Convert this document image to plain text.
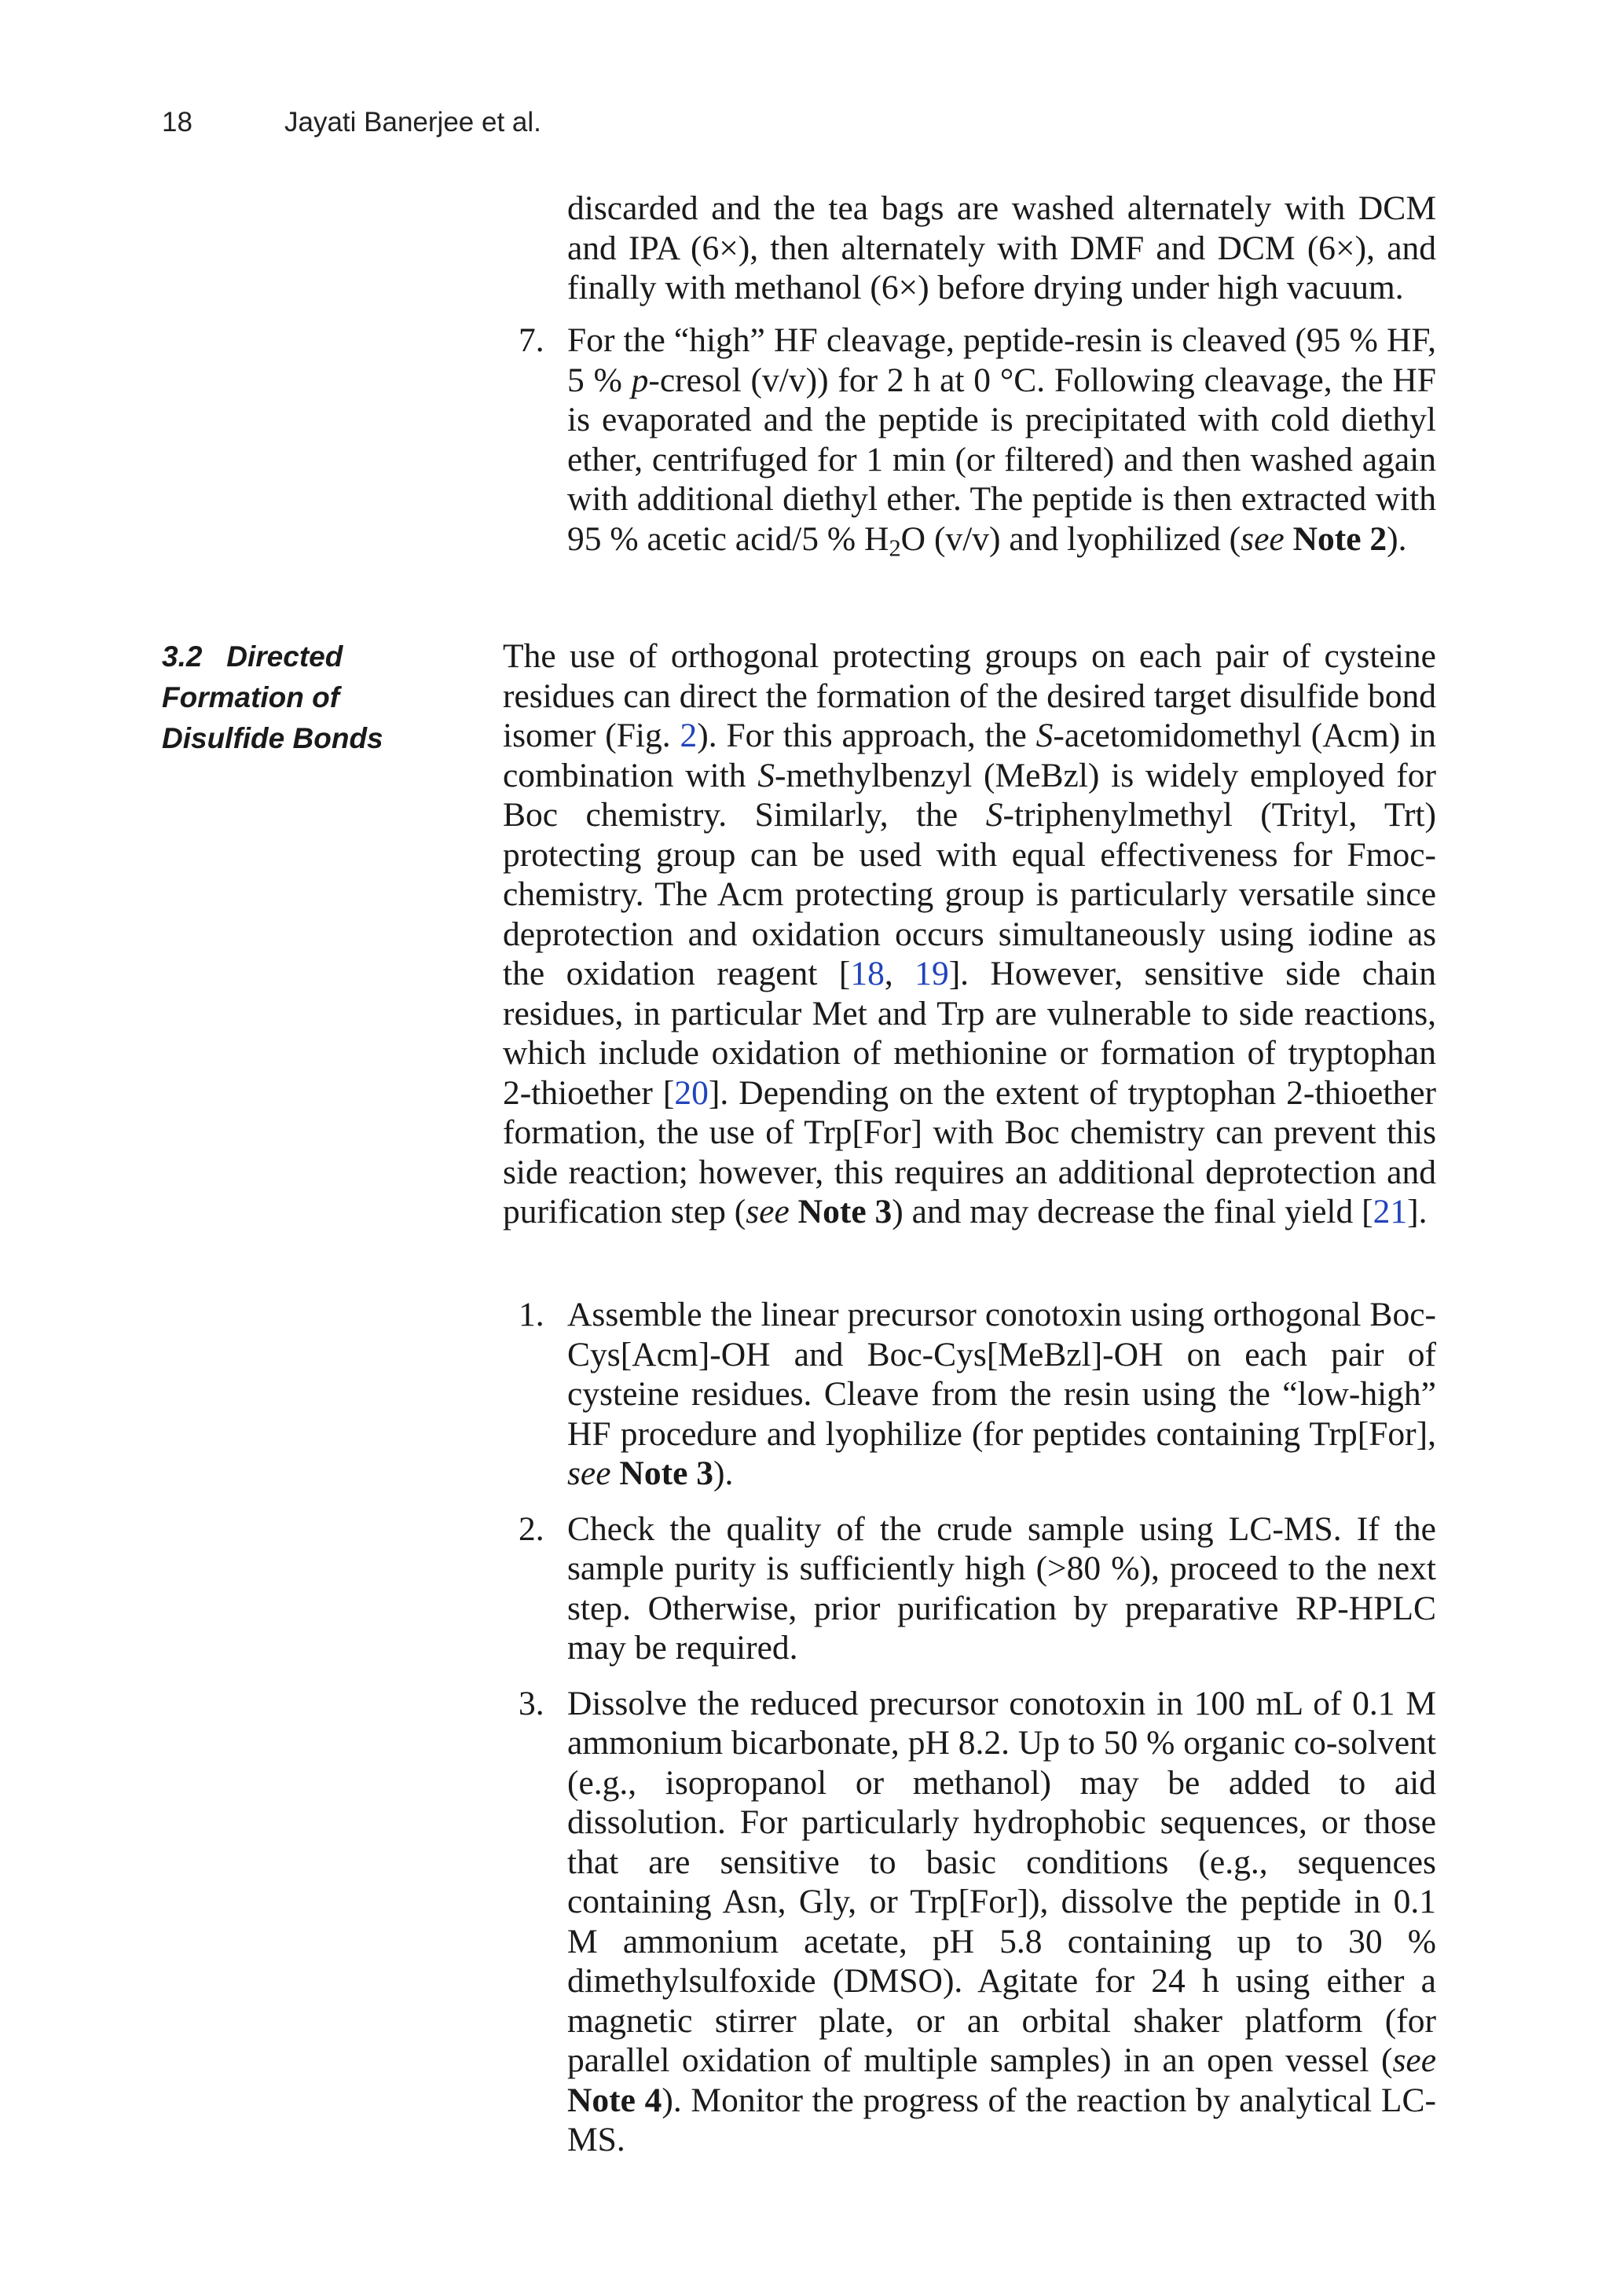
18	Jayati Banerjee et al.
discarded and the tea bags are washed alternately with DCM and IPA (6×), then alternately with DMF and DCM (6×), and finally with methanol (6×) before drying under high vacuum.
7. For the “high” HF cleavage, peptide-resin is cleaved (95 % HF, 5 % p-cresol (v/v)) for 2 h at 0 °C. Following cleavage, the HF is evaporated and the peptide is precipitated with cold diethyl ether, centrifuged for 1 min (or filtered) and then washed again with additional diethyl ether. The peptide is then extracted with 95 % acetic acid/5 % $H_2O$ (v/v) and lyophilized (see Note 2).
3.2   Directed
Formation of
Disulfide Bonds
The use of orthogonal protecting groups on each pair of cysteine residues can direct the formation of the desired target disulfide bond isomer (Fig. 2). For this approach, the S-acetomidomethyl (Acm) in combination with S-methylbenzyl (MeBzl) is widely employed for Boc chemistry. Similarly, the S-triphenylmethyl (Trityl, Trt) protecting group can be used with equal effectiveness for Fmoc-chemistry. The Acm protecting group is particularly versatile since deprotection and oxidation occurs simultaneously using iodine as the oxidation reagent [18, 19]. However, sensitive side chain residues, in particular Met and Trp are vulnerable to side reactions, which include oxidation of methionine or formation of tryptophan 2-thioether [20]. Depending on the extent of tryptophan 2-thioether formation, the use of Trp[For] with Boc chemistry can prevent this side reaction; however, this requires an additional deprotection and purification step (see Note 3) and may decrease the final yield [21].
1. Assemble the linear precursor conotoxin using orthogonal Boc-Cys[Acm]-OH and Boc-Cys[MeBzl]-OH on each pair of cysteine residues. Cleave from the resin using the “low-high” HF procedure and lyophilize (for peptides containing Trp[For], see Note 3).
2. Check the quality of the crude sample using LC-MS. If the sample purity is sufficiently high (>80 %), proceed to the next step. Otherwise, prior purification by preparative RP-HPLC may be required.
3. Dissolve the reduced precursor conotoxin in 100 mL of 0.1 M ammonium bicarbonate, pH 8.2. Up to 50 % organic co-solvent (e.g., isopropanol or methanol) may be added to aid dissolution. For particularly hydrophobic sequences, or those that are sensitive to basic conditions (e.g., sequences containing Asn, Gly, or Trp[For]), dissolve the peptide in 0.1 M ammonium acetate, pH 5.8 containing up to 30 % dimethylsulfoxide (DMSO). Agitate for 24 h using either a magnetic stirrer plate, or an orbital shaker platform (for parallel oxidation of multiple samples) in an open vessel (see Note 4). Monitor the progress of the reaction by analytical LC-MS.
